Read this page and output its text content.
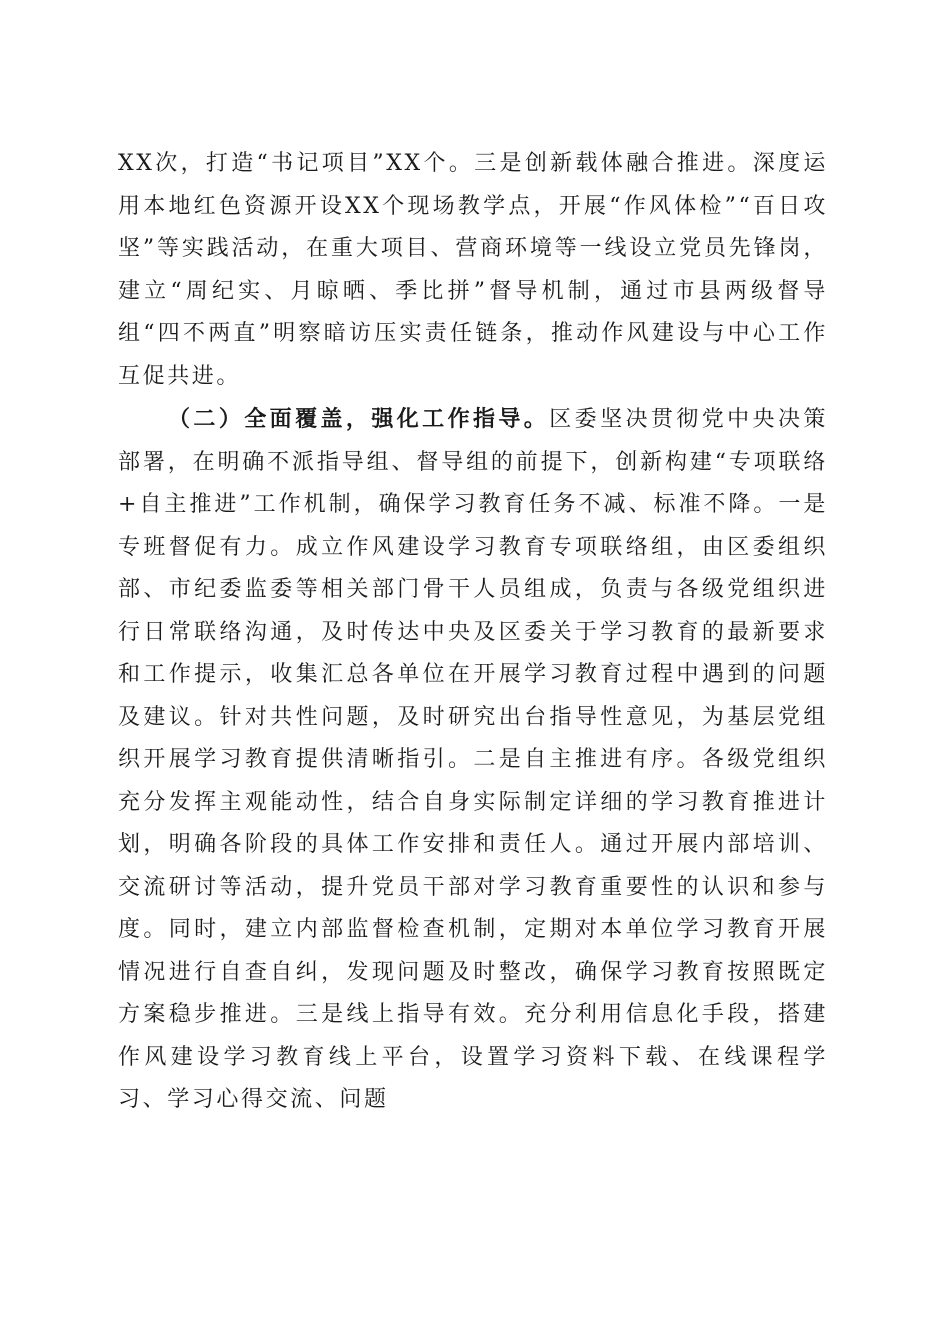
XX次，打造“书记项目”XX个。三是创新载体融合推进。深度运用本地红色资源开设XX个现场教学点，开展“作风体检”“百日攻坚”等实践活动，在重大项目、营商环境等一线设立党员先锋岗，建立“周纪实、月晾晒、季比拼”督导机制，通过市县两级督导组“四不两直”明察暗访压实责任链条，推动作风建设与中心工作互促共进。

（二）全面覆盖，强化工作指导。区委坚决贯彻党中央决策部署，在明确不派指导组、督导组的前提下，创新构建“专项联络+自主推进”工作机制，确保学习教育任务不减、标准不降。一是专班督促有力。成立作风建设学习教育专项联络组，由区委组织部、市纪委监委等相关部门骨干人员组成，负责与各级党组织进行日常联络沟通，及时传达中央及区委关于学习教育的最新要求和工作提示，收集汇总各单位在开展学习教育过程中遇到的问题及建议。针对共性问题，及时研究出台指导性意见，为基层党组织开展学习教育提供清晰指引。二是自主推进有序。各级党组织充分发挥主观能动性，结合自身实际制定详细的学习教育推进计划，明确各阶段的具体工作安排和责任人。通过开展内部培训、交流研讨等活动，提升党员干部对学习教育重要性的认识和参与度。同时，建立内部监督检查机制，定期对本单位学习教育开展情况进行自查自纠，发现问题及时整改，确保学习教育按照既定方案稳步推进。三是线上指导有效。充分利用信息化手段，搭建作风建设学习教育线上平台，设置学习资料下载、在线课程学习、学习心得交流、问题
